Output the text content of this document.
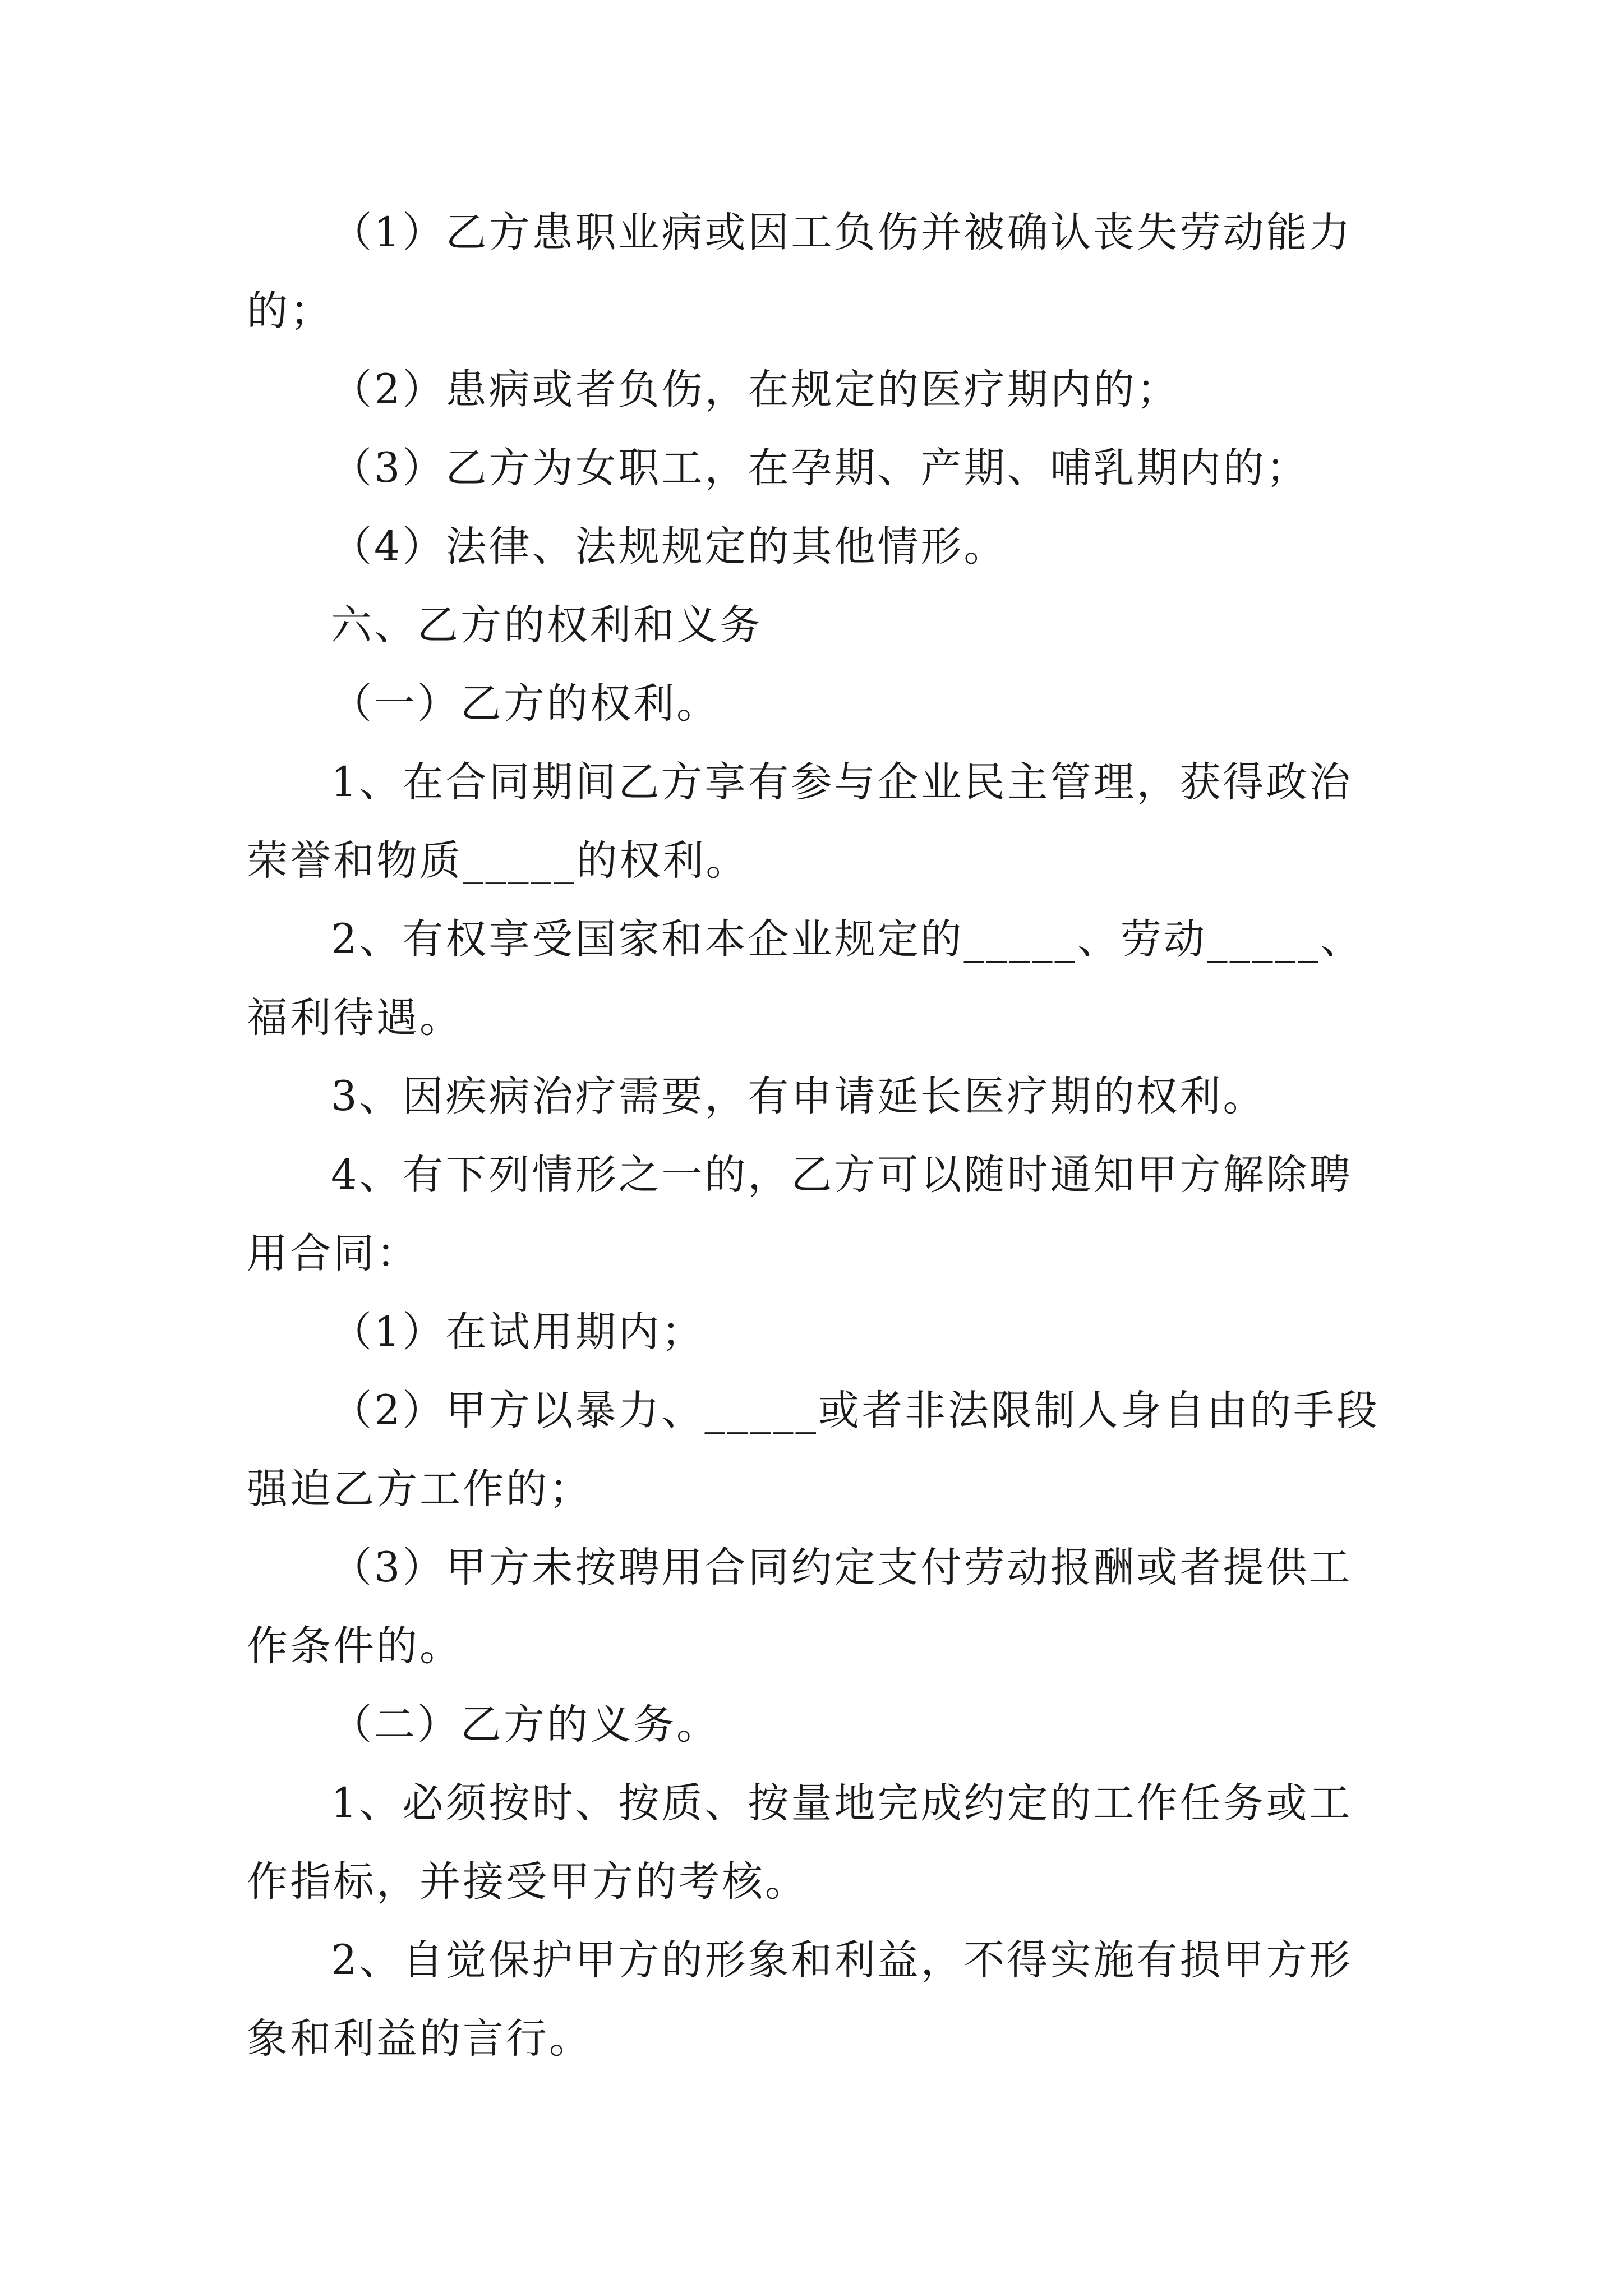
（1）乙方患职业病或因工负伤并被确认丧失劳动能力的；

（2）患病或者负伤，在规定的医疗期内的；

（3）乙方为女职工，在孕期、产期、哺乳期内的；

（4）法律、法规规定的其他情形。

六、乙方的权利和义务

（一）乙方的权利。

1、在合同期间乙方享有参与企业民主管理，获得政治荣誉和物质_____的权利。

2、有权享受国家和本企业规定的_____、劳动_____、福利待遇。

3、因疾病治疗需要，有申请延长医疗期的权利。

4、有下列情形之一的，乙方可以随时通知甲方解除聘用合同：

（1）在试用期内；

（2）甲方以暴力、_____或者非法限制人身自由的手段强迫乙方工作的；

（3）甲方未按聘用合同约定支付劳动报酬或者提供工作条件的。

（二）乙方的义务。

1、必须按时、按质、按量地完成约定的工作任务或工作指标，并接受甲方的考核。

2、自觉保护甲方的形象和利益，不得实施有损甲方形象和利益的言行。
